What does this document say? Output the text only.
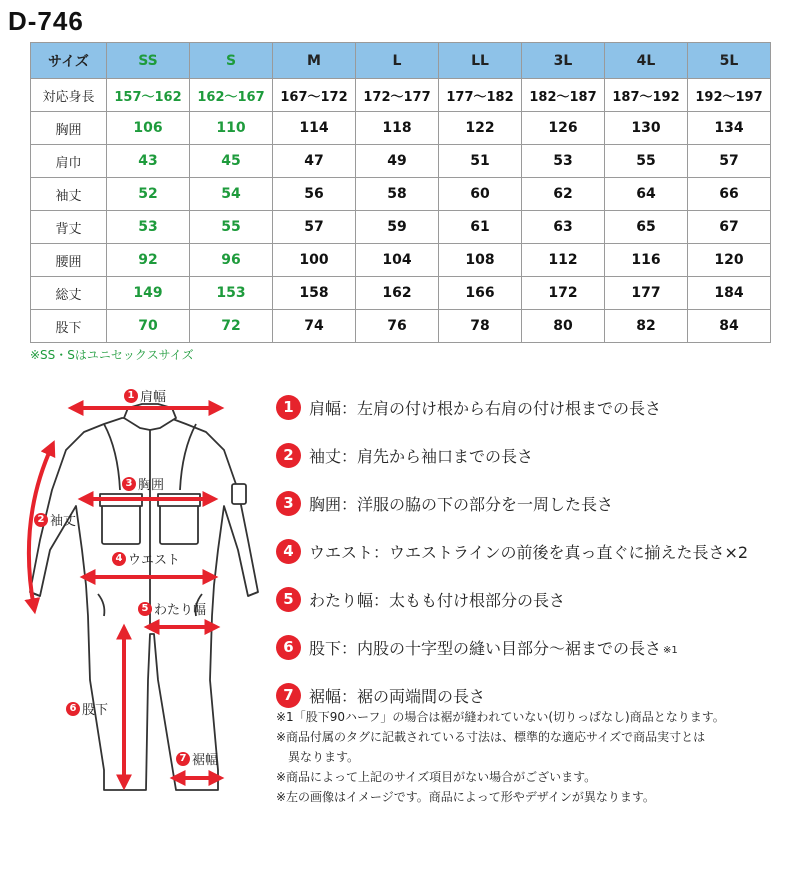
D-746
サイズ	SS	S	M	L	LL	3L	4L	5L
対応身長	157〜162	162〜167	167〜172	172〜177	177〜182	182〜187	187〜192	192〜197
胸囲	106	110	114	118	122	126	130	134
肩巾	43	45	47	49	51	53	55	57
袖丈	52	54	56	58	60	62	64	66
背丈	53	55	57	59	61	63	65	67
腰囲	92	96	100	104	108	112	116	120
総丈	149	153	158	162	166	172	177	184
股下	70	72	74	76	78	80	82	84
※SS・Sはユニセックスサイズ
1 肩幅
2 袖丈
3 胸囲
4 ウエスト
5 わたり幅
6 股下
7 裾幅
1 肩幅：左肩の付け根から右肩の付け根までの長さ
2 袖丈：肩先から袖口までの長さ
3 胸囲：洋服の脇の下の部分を一周した長さ
4 ウエスト：ウエストラインの前後を真っ直ぐに揃えた長さ×2
5 わたり幅：太もも付け根部分の長さ
6 股下：内股の十字型の縫い目部分〜裾までの長さ ※1
7 裾幅：裾の両端間の長さ
※1「股下90ハーフ」の場合は裾が縫われていない(切りっぱなし)商品となります。
※商品付属のタグに記載されている寸法は、標準的な適応サイズで商品実寸とは
　異なります。
※商品によって上記のサイズ項目がない場合がございます。
※左の画像はイメージです。商品によって形やデザインが異なります。
